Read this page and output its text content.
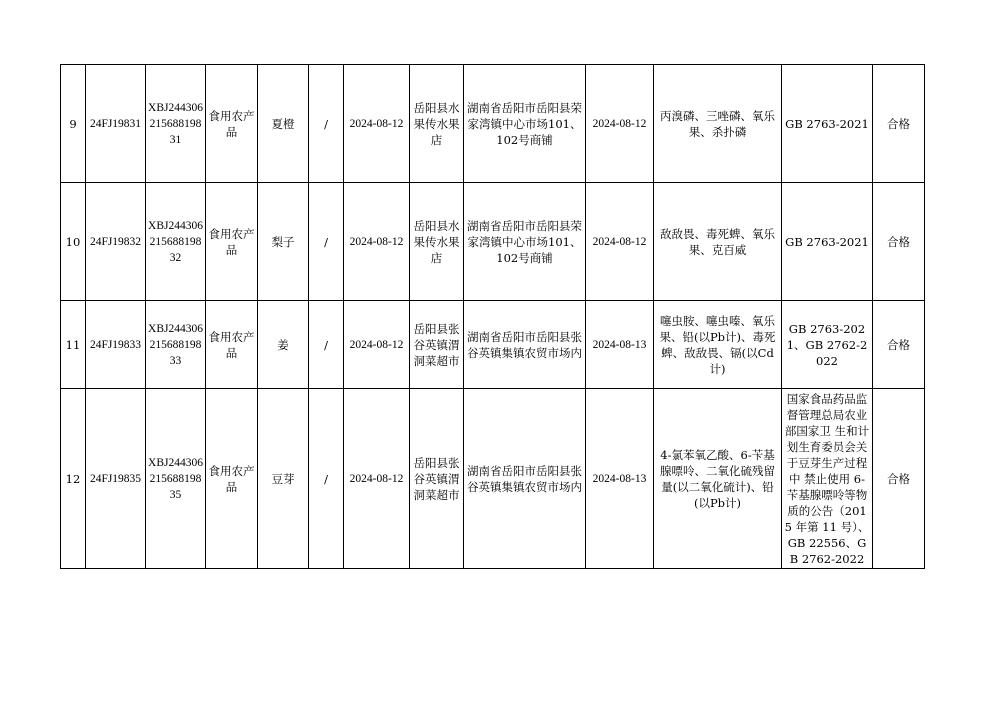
9	24FJ19831	XBJ244306215688198 31	食用农产品	夏橙	/	2024-08-12	岳阳县水果传水果店	湖南省岳阳市岳阳县荣家湾镇中心市场101、102号商铺	2024-08-12	丙溴磷、三唑磷、氧乐果、杀扑磷	GB 2763-2021	合格
10	24FJ19832	XBJ244306215688198 32	食用农产品	梨子	/	2024-08-12	岳阳县水果传水果店	湖南省岳阳市岳阳县荣家湾镇中心市场101、102号商铺	2024-08-12	敌敌畏、毒死蜱、氧乐果、克百威	GB 2763-2021	合格
11	24FJ19833	XBJ244306215688198 33	食用农产品	姜	/	2024-08-12	岳阳县张谷英镇渭洞菜超市	湖南省岳阳市岳阳县张谷英镇集镇农贸市场内	2024-08-13	噻虫胺、噻虫嗪、氧乐果、铅(以Pb计)、毒死蜱、敌敌畏、镉(以Cd计)	GB 2763-2021、GB 2762-2022	合格
12	24FJ19835	XBJ244306215688198 35	食用农产品	豆芽	/	2024-08-12	岳阳县张谷英镇渭洞菜超市	湖南省岳阳市岳阳县张谷英镇集镇农贸市场内	2024-08-13	4-氯苯氧乙酸、6-苄基腺嘌呤、二氧化硫残留量(以二氧化硫计)、铅(以Pb计)	国家食品药品监督管理总局农业部国家卫 生和计划生育委员会关于豆芽生产过程中 禁止使用 6-苄基腺嘌呤等物质的公告（2015 年第 11 号）、GB 22556、GB 2762-2022	合格
